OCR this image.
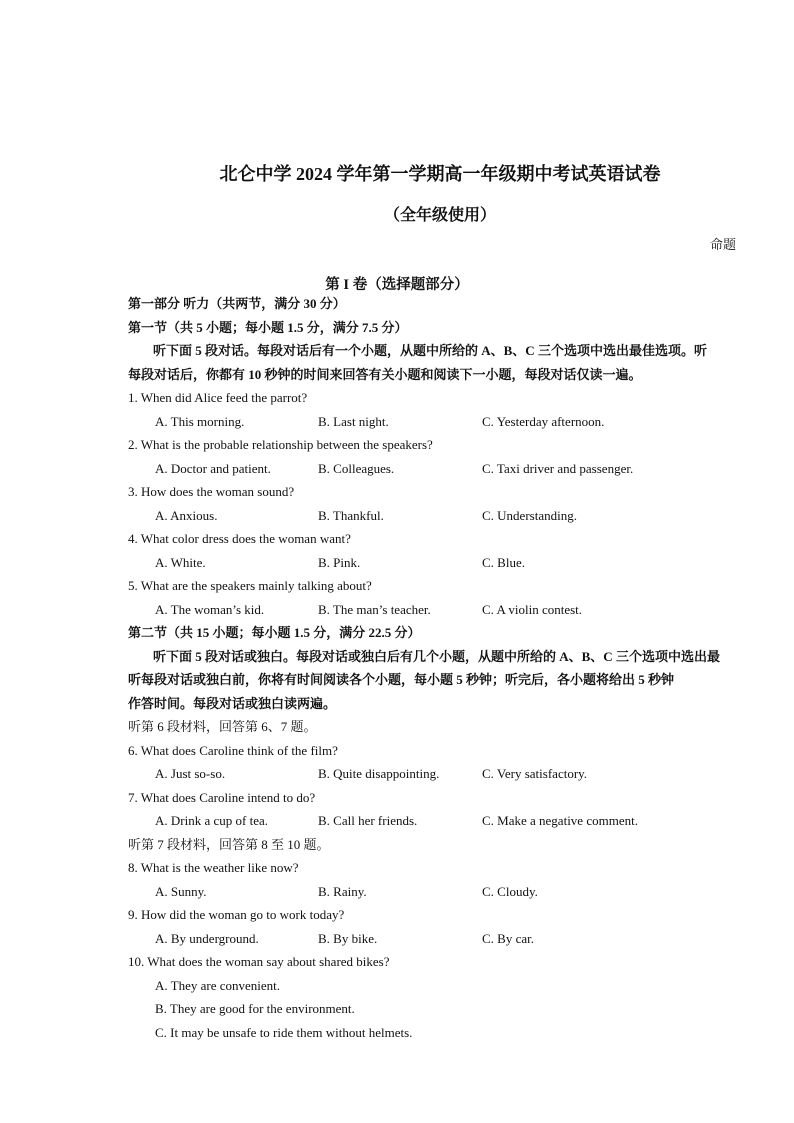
北仑中学 2024 学年第一学期高一年级期中考试英语试卷
（全年级使用）
命题
第 I 卷（选择题部分）
第一部分 听力（共两节，满分 30 分）
第一节（共 5 小题；每小题 1.5 分，满分 7.5 分）
听下面 5 段对话。每段对话后有一个小题，从题中所给的 A、B、C 三个选项中选出最佳选项。听
每段对话后，你都有 10 秒钟的时间来回答有关小题和阅读下一小题，每段对话仅读一遍。
1. When did Alice feed the parrot?
A. This morning.	B. Last night.	C. Yesterday afternoon.
2. What is the probable relationship between the speakers?
A. Doctor and patient.	B. Colleagues.	C. Taxi driver and passenger.
3. How does the woman sound?
A. Anxious.	B. Thankful.	C. Understanding.
4. What color dress does the woman want?
A. White.	B. Pink.	C. Blue.
5. What are the speakers mainly talking about?
A. The woman’s kid.	B. The man’s teacher.	C. A violin contest.
第二节（共 15 小题；每小题 1.5 分，满分 22.5 分）
听下面 5 段对话或独白。每段对话或独白后有几个小题，从题中所给的 A、B、C 三个选项中选出最
听每段对话或独白前，你将有时间阅读各个小题，每小题 5 秒钟；听完后，各小题将给出 5 秒钟
作答时间。每段对话或独白读两遍。
听第 6 段材料，回答第 6、7 题。
6. What does Caroline think of the film?
A. Just so-so.	B. Quite disappointing.	C. Very satisfactory.
7. What does Caroline intend to do?
A. Drink a cup of tea.	B. Call her friends.	C. Make a negative comment.
听第 7 段材料，回答第 8 至 10 题。
8. What is the weather like now?
A. Sunny.	B. Rainy.	C. Cloudy.
9. How did the woman go to work today?
A. By underground.	B. By bike.	C. By car.
10. What does the woman say about shared bikes?
A. They are convenient.
B. They are good for the environment.
C. It may be unsafe to ride them without helmets.
